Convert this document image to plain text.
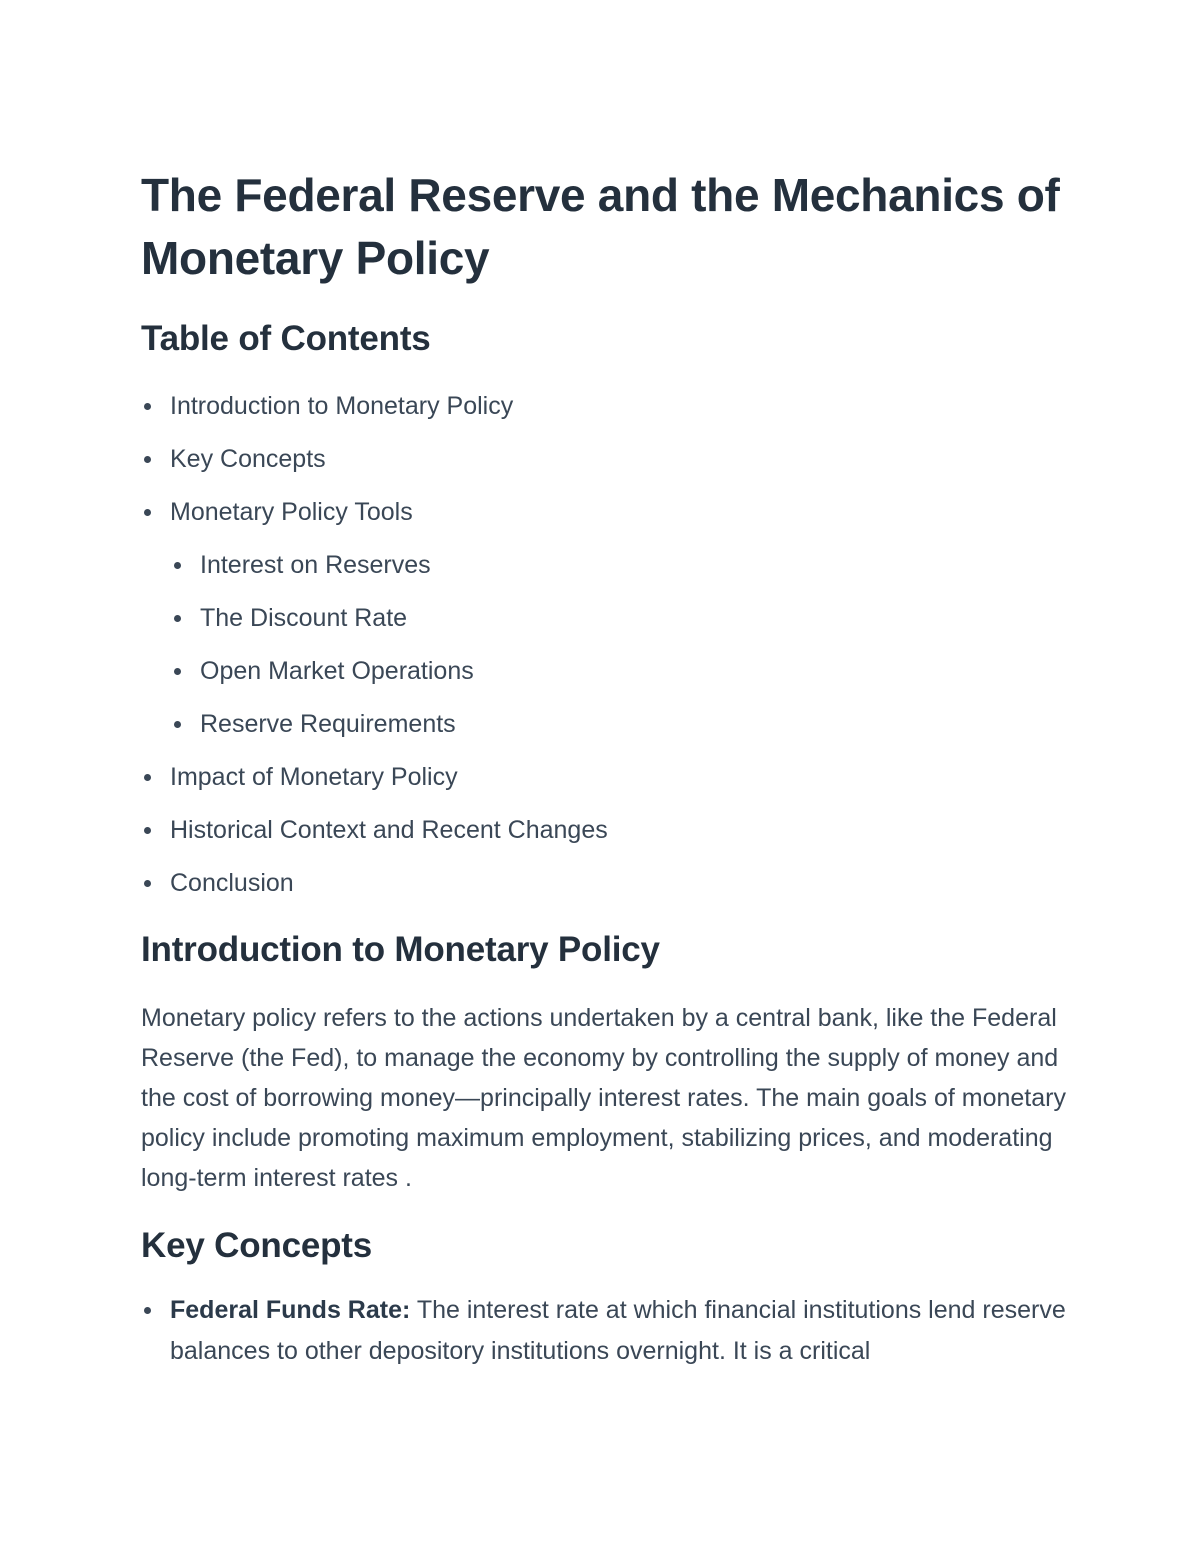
The Federal Reserve and the Mechanics of Monetary Policy
Table of Contents
Introduction to Monetary Policy
Key Concepts
Monetary Policy Tools
Interest on Reserves
The Discount Rate
Open Market Operations
Reserve Requirements
Impact of Monetary Policy
Historical Context and Recent Changes
Conclusion
Introduction to Monetary Policy

Monetary policy refers to the actions undertaken by a central bank, like the Federal Reserve (the Fed), to manage the economy by controlling the supply of money and the cost of borrowing money—principally interest rates. The main goals of monetary policy include promoting maximum employment, stabilizing prices, and moderating long-term interest rates .

Key Concepts
Federal Funds Rate: The interest rate at which financial institutions lend reserve balances to other depository institutions overnight. It is a critical
